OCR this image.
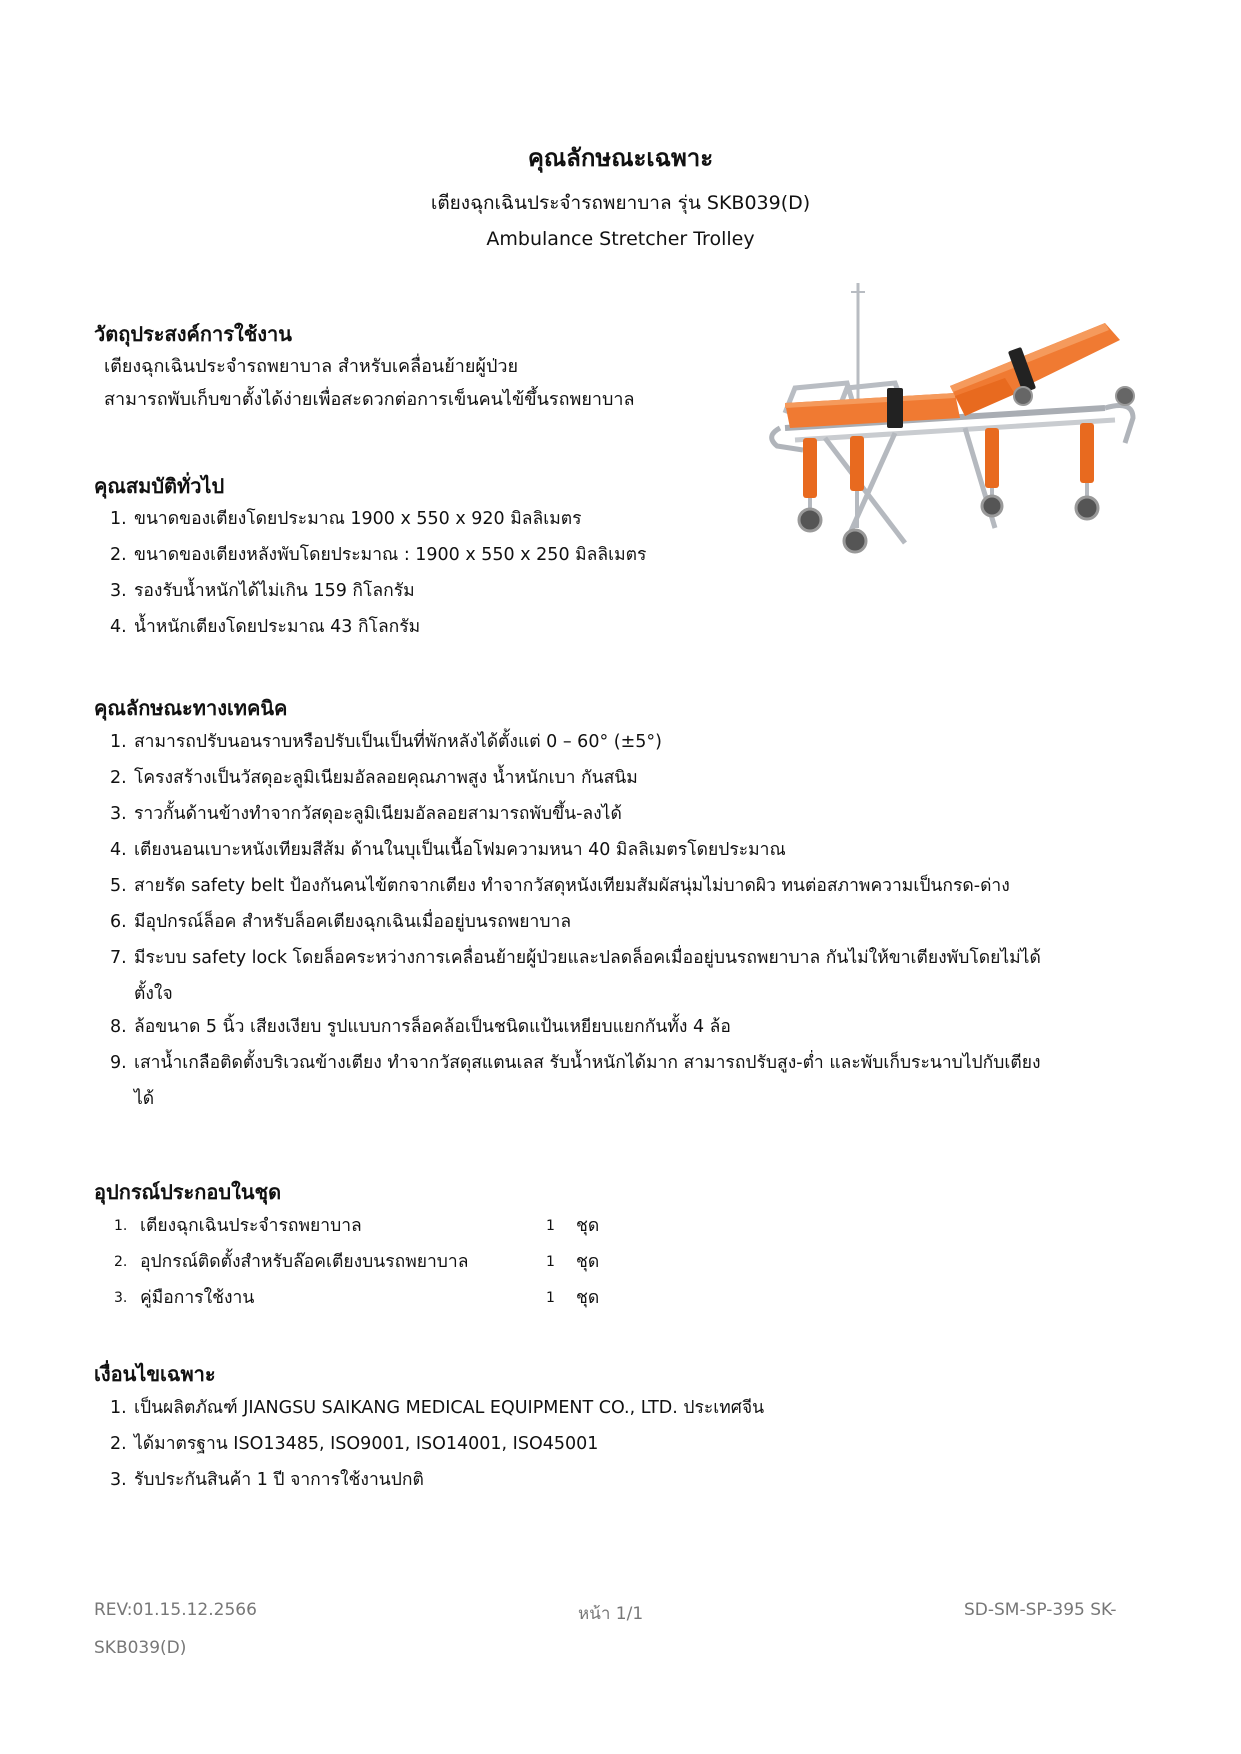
คุณลักษณะเฉพาะ
เตียงฉุกเฉินประจำรถพยาบาล รุ่น SKB039(D)
Ambulance Stretcher Trolley
วัตถุประสงค์การใช้งาน
เตียงฉุกเฉินประจำรถพยาบาล สำหรับเคลื่อนย้ายผู้ป่วย
สามารถพับเก็บขาตั้งได้ง่ายเพื่อสะดวกต่อการเข็นคนไข้ขึ้นรถพยาบาล
คุณสมบัติทั่วไป
1. ขนาดของเตียงโดยประมาณ 1900 x 550 x 920 มิลลิเมตร
2. ขนาดของเตียงหลังพับโดยประมาณ : 1900 x 550 x 250 มิลลิเมตร
3. รองรับน้ำหนักได้ไม่เกิน 159 กิโลกรัม
4. น้ำหนักเตียงโดยประมาณ 43 กิโลกรัม
คุณลักษณะทางเทคนิค
1. สามารถปรับนอนราบหรือปรับเป็นเป็นที่พักหลังได้ตั้งแต่ 0 – 60° (±5°)
2. โครงสร้างเป็นวัสดุอะลูมิเนียมอัลลอยคุณภาพสูง น้ำหนักเบา กันสนิม
3. ราวกั้นด้านข้างทำจากวัสดุอะลูมิเนียมอัลลอยสามารถพับขึ้น-ลงได้
4. เตียงนอนเบาะหนังเทียมสีส้ม ด้านในบุเป็นเนื้อโฟมความหนา 40 มิลลิเมตรโดยประมาณ
5. สายรัด safety belt ป้องกันคนไข้ตกจากเตียง ทำจากวัสดุหนังเทียมสัมผัสนุ่มไม่บาดผิว ทนต่อสภาพความเป็นกรด-ด่าง
6. มีอุปกรณ์ล็อค สำหรับล็อคเตียงฉุกเฉินเมื่ออยู่บนรถพยาบาล
7. มีระบบ safety lock โดยล็อคระหว่างการเคลื่อนย้ายผู้ป่วยและปลดล็อคเมื่ออยู่บนรถพยาบาล กันไม่ให้ขาเตียงพับโดยไม่ได้
ตั้งใจ
8. ล้อขนาด 5 นิ้ว เสียงเงียบ รูปแบบการล็อคล้อเป็นชนิดแป้นเหยียบแยกกันทั้ง 4 ล้อ
9. เสาน้ำเกลือติดตั้งบริเวณข้างเตียง ทำจากวัสดุสแตนเลส รับน้ำหนักได้มาก สามารถปรับสูง-ต่ำ และพับเก็บระนาบไปกับเตียง
ได้
อุปกรณ์ประกอบในชุด
1. เตียงฉุกเฉินประจำรถพยาบาล	1 ชุด
2. อุปกรณ์ติดตั้งสำหรับล๊อคเตียงบนรถพยาบาล	1 ชุด
3. คู่มือการใช้งาน	1 ชุด
เงื่อนไขเฉพาะ
1. เป็นผลิตภัณฑ์ JIANGSU SAIKANG MEDICAL EQUIPMENT CO., LTD. ประเทศจีน
2. ได้มาตรฐาน ISO13485, ISO9001, ISO14001, ISO45001
3. รับประกันสินค้า 1 ปี จาการใช้งานปกติ
REV:01.15.12.2566	หน้า 1/1	SD-SM-SP-395 SK-
SKB039(D)
